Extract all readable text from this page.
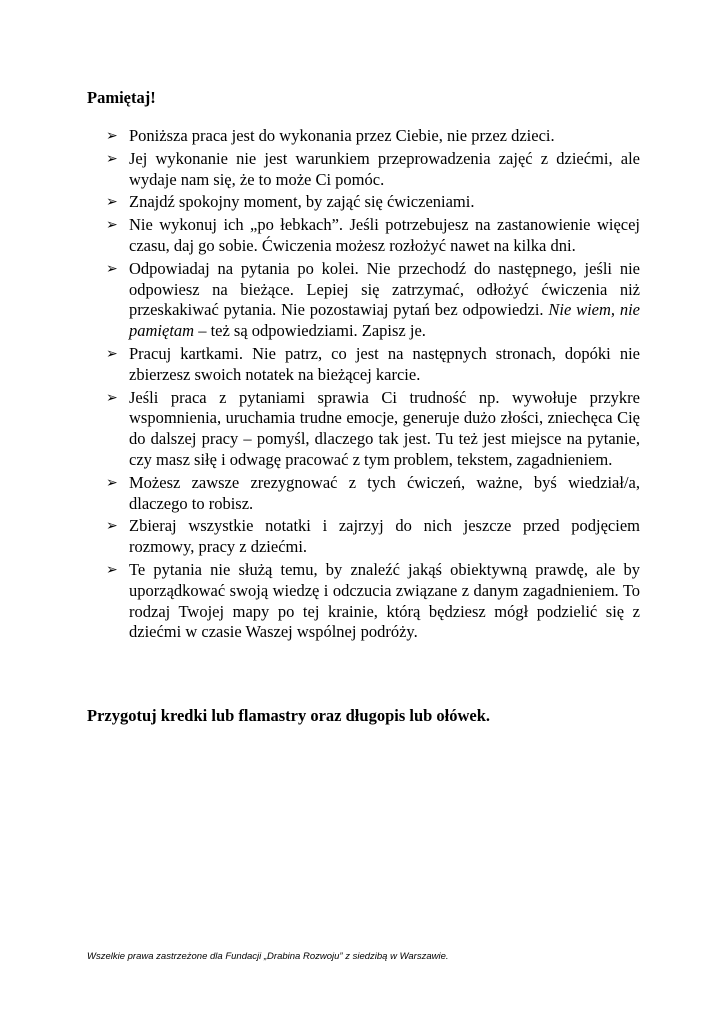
Pamiętaj!

➢ Poniższa praca jest do wykonania przez Ciebie, nie przez dzieci.
➢ Jej wykonanie nie jest warunkiem przeprowadzenia zajęć z dziećmi, ale wydaje nam się, że to może Ci pomóc.
➢ Znajdź spokojny moment, by zająć się ćwiczeniami.
➢ Nie wykonuj ich „po łebkach”. Jeśli potrzebujesz na zastanowienie więcej czasu, daj go sobie. Ćwiczenia możesz rozłożyć nawet na kilka dni.
➢ Odpowiadaj na pytania po kolei. Nie przechodź do następnego, jeśli nie odpowiesz na bieżące. Lepiej się zatrzymać, odłożyć ćwiczenia niż przeskakiwać pytania. Nie pozostawiaj pytań bez odpowiedzi. Nie wiem, nie pamiętam – też są odpowiedziami. Zapisz je.
➢ Pracuj kartkami. Nie patrz, co jest na następnych stronach, dopóki nie zbierzesz swoich notatek na bieżącej karcie.
➢ Jeśli praca z pytaniami sprawia Ci trudność np. wywołuje przykre wspomnienia, uruchamia trudne emocje, generuje dużo złości, zniechęca Cię do dalszej pracy – pomyśl, dlaczego tak jest. Tu też jest miejsce na pytanie, czy masz siłę i odwagę pracować z tym problem, tekstem, zagadnieniem.
➢ Możesz zawsze zrezygnować z tych ćwiczeń, ważne, byś wiedział/a, dlaczego to robisz.
➢ Zbieraj wszystkie notatki i zajrzyj do nich jeszcze przed podjęciem rozmowy, pracy z dziećmi.
➢ Te pytania nie służą temu, by znaleźć jakąś obiektywną prawdę, ale by uporządkować swoją wiedzę i odczucia związane z danym zagadnieniem. To rodzaj Twojej mapy po tej krainie, którą będziesz mógł podzielić się z dziećmi w czasie Waszej wspólnej podróży.

Przygotuj kredki lub flamastry oraz długopis lub ołówek.

Wszelkie prawa zastrzeżone dla Fundacji „Drabina Rozwoju” z siedzibą w Warszawie.
